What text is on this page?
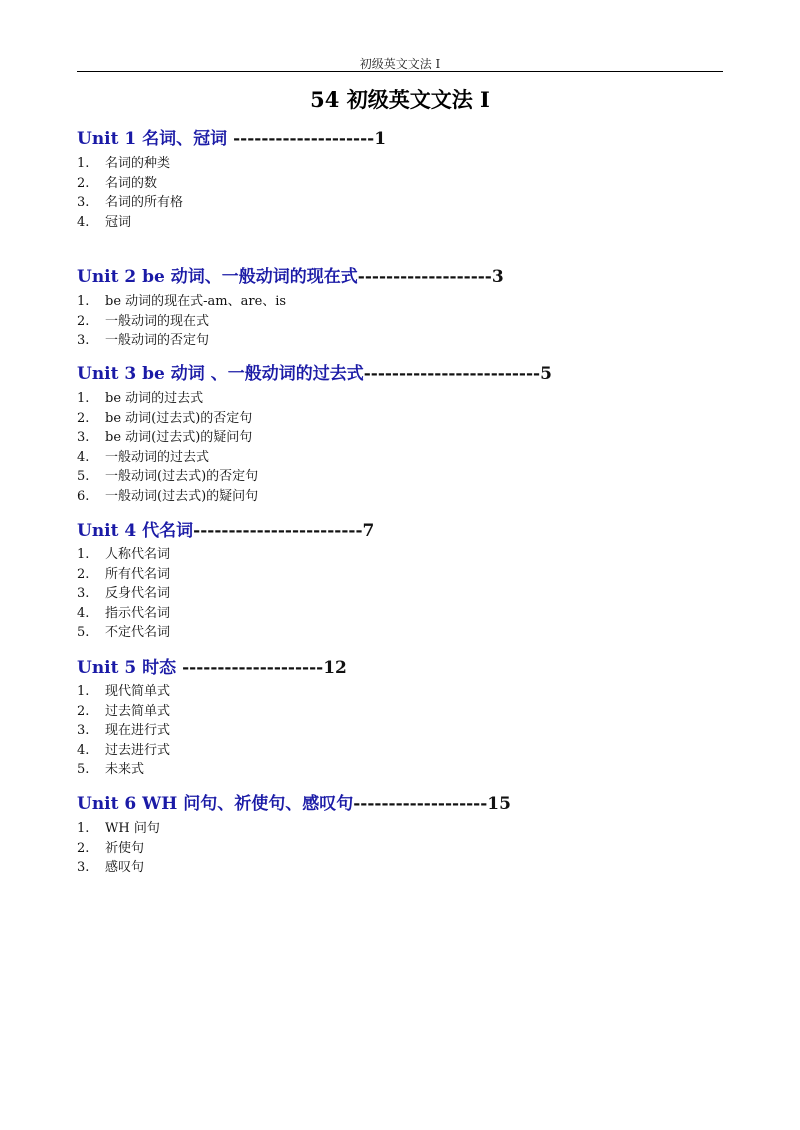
初级英文文法 Ⅰ
54 初级英文文法 Ⅰ
Unit 1 名词、冠词 --------------------1
1. 名词的种类
2. 名词的数
3. 名词的所有格
4. 冠词
Unit 2 be 动词、一般动词的现在式-------------------3
1. be 动词的现在式-am、are、is
2. 一般动词的现在式
3. 一般动词的否定句
Unit 3 be 动词 、一般动词的过去式-------------------------5
1. be 动词的过去式
2. be 动词(过去式)的否定句
3. be 动词(过去式)的疑问句
4. 一般动词的过去式
5. 一般动词(过去式)的否定句
6. 一般动词(过去式)的疑问句
Unit 4 代名词------------------------7
1. 人称代名词
2. 所有代名词
3. 反身代名词
4. 指示代名词
5. 不定代名词
Unit 5 时态 --------------------12
1. 现代简单式
2. 过去简单式
3. 现在进行式
4. 过去进行式
5. 未来式
Unit 6 WH 问句、祈使句、感叹句-------------------15
1. WH 问句
2. 祈使句
3. 感叹句
